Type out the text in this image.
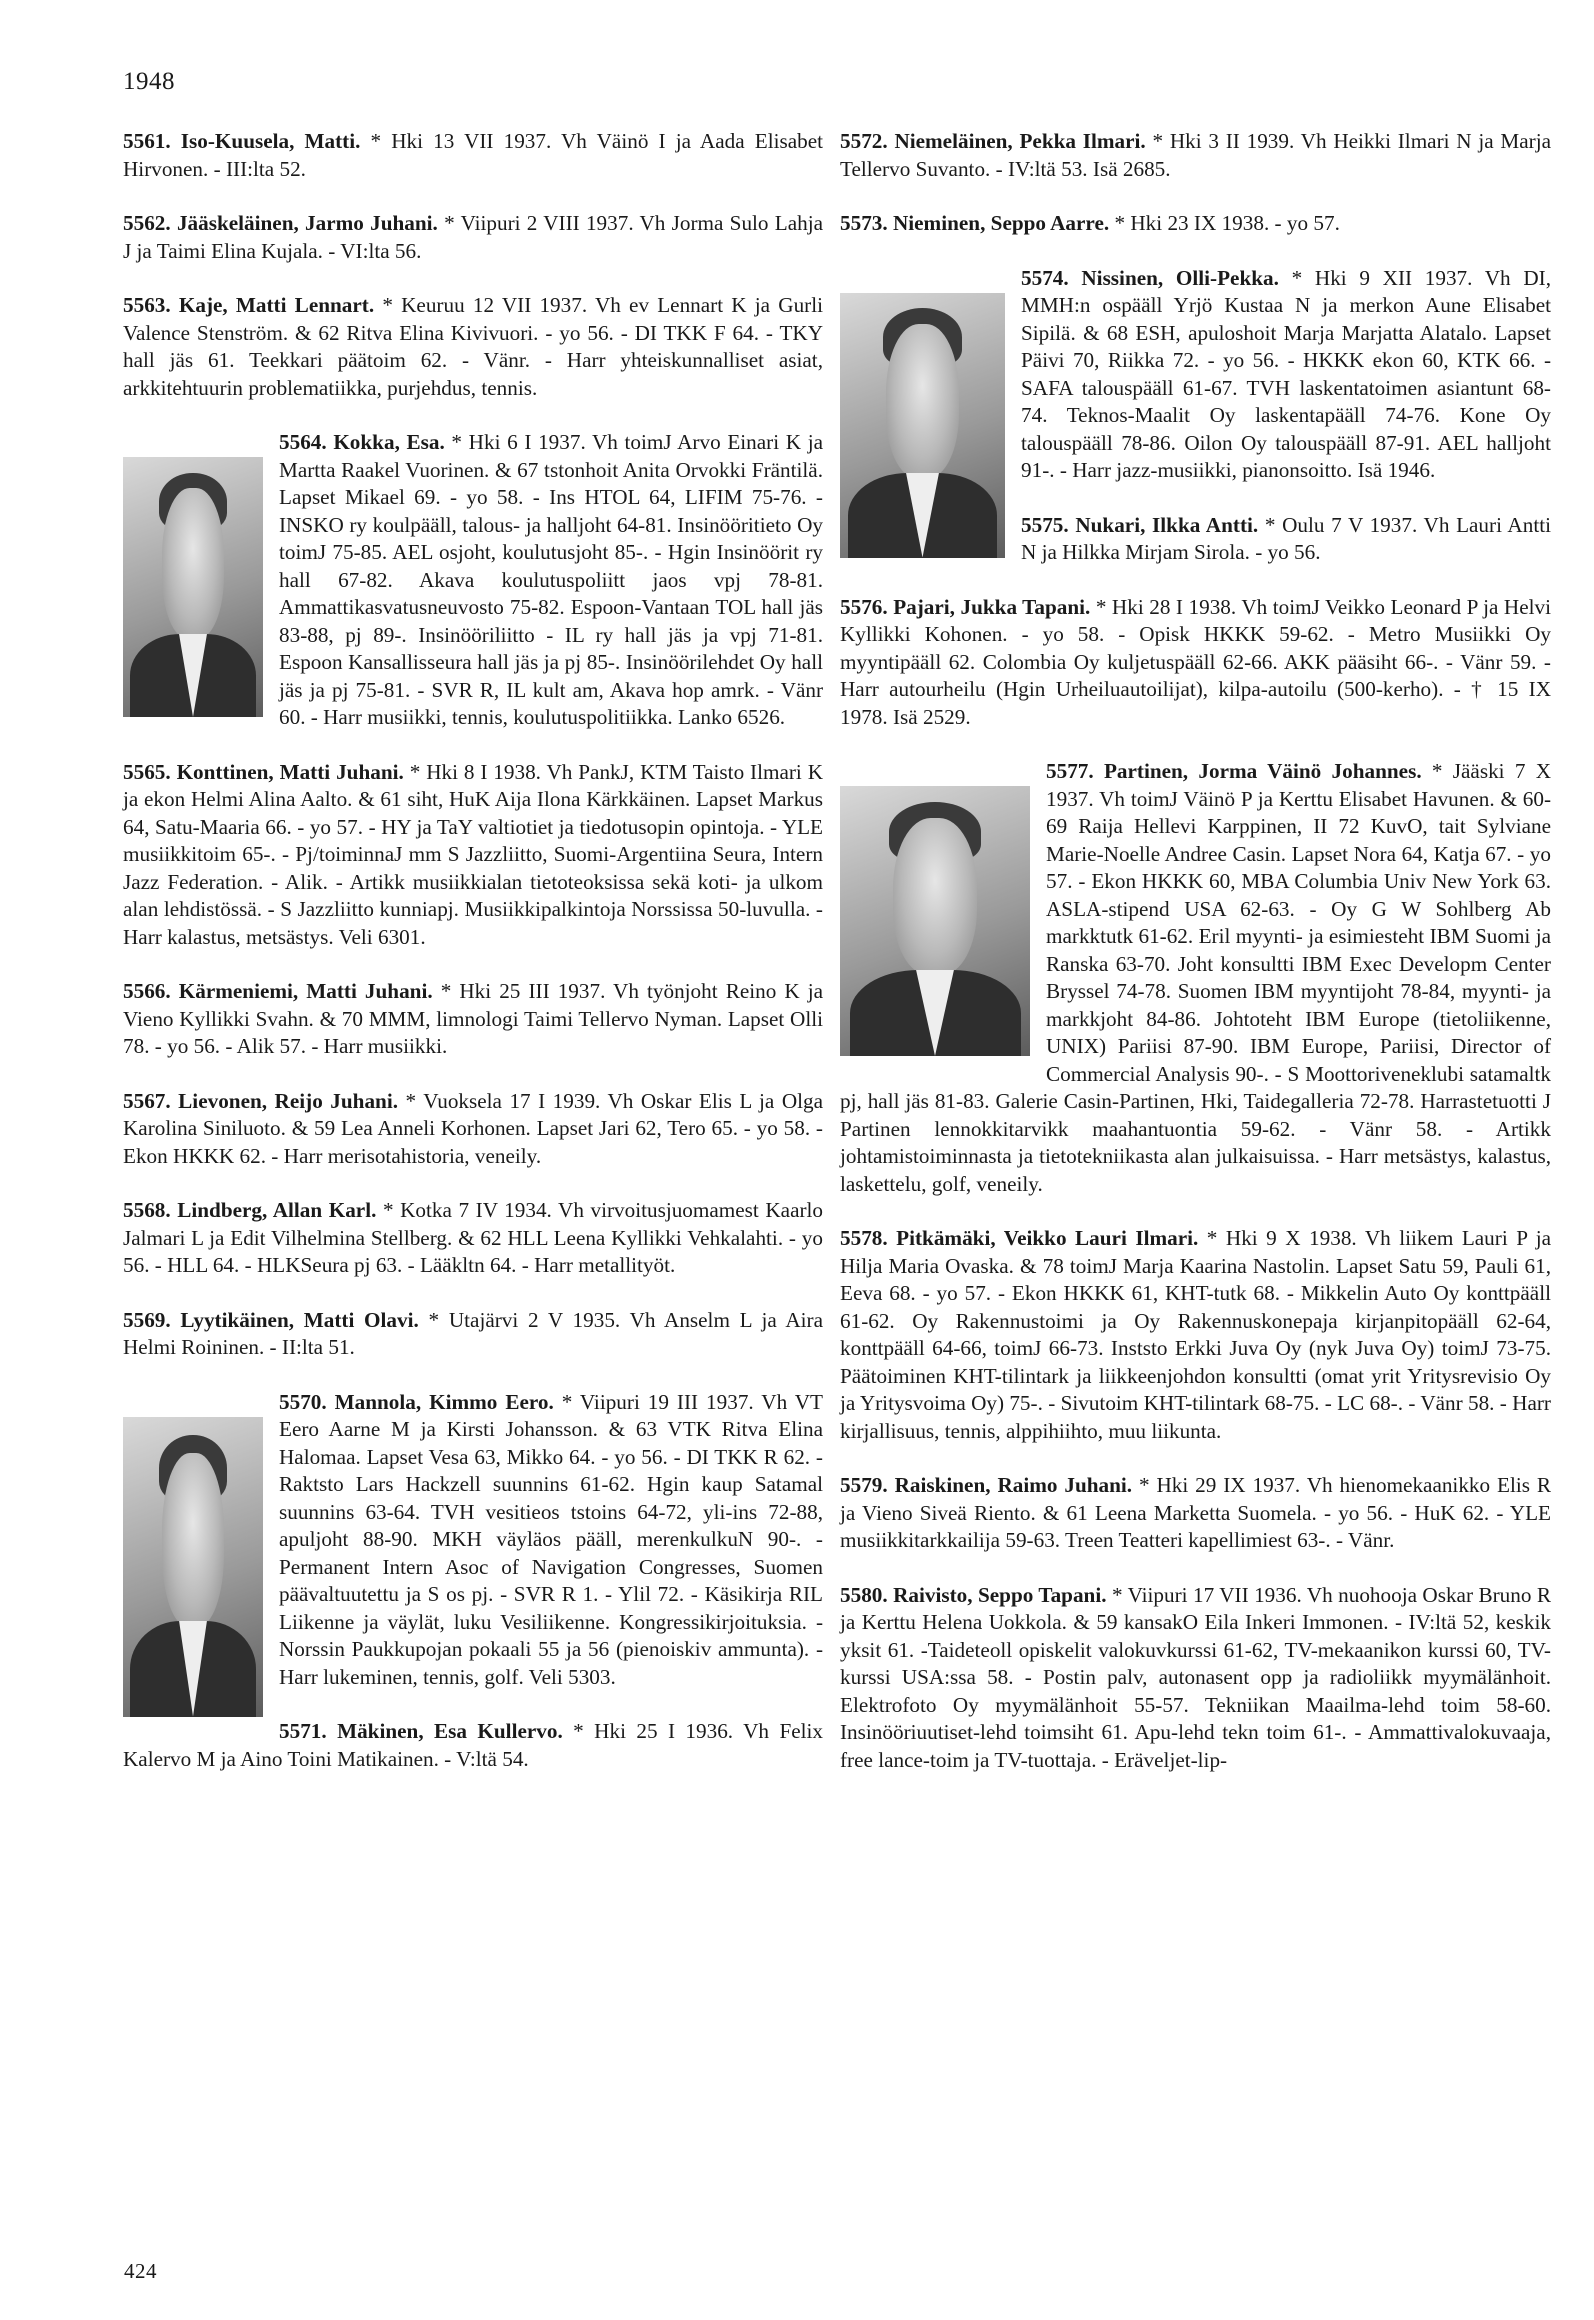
1948

5561. Iso-Kuusela, Matti. * Hki 13 VII 1937. Vh Väinö I ja Aada Elisabet Hirvonen. - III:lta 52.

5562. Jääskeläinen, Jarmo Juhani. * Viipuri 2 VIII 1937. Vh Jorma Sulo Lahja J ja Taimi Elina Kujala. - VI:lta 56.

5563. Kaje, Matti Lennart. * Keuruu 12 VII 1937. Vh ev Lennart K ja Gurli Valence Stenström. & 62 Ritva Elina Kivivuori. - yo 56. - DI TKK F 64. - TKY hall jäs 61. Teekkari päätoim 62. - Vänr. - Harr yhteiskunnalliset asiat, arkkitehtuurin problematiikka, purjehdus, tennis.

5564. Kokka, Esa. * Hki 6 I 1937. Vh toimJ Arvo Einari K ja Martta Raakel Vuorinen. & 67 tstonhoit Anita Orvokki Fräntilä. Lapset Mikael 69. - yo 58. - Ins HTOL 64, LIFIM 75-76. - INSKO ry koulpääll, talous- ja halljoht 64-81. Insinööritieto Oy toimJ 75-85. AEL osjoht, koulutusjoht 85-. - Hgin Insinöörit ry hall 67-82. Akava koulutuspoliitt jaos vpj 78-81. Ammattikasvatusneuvosto 75-82. Espoon-Vantaan TOL hall jäs 83-88, pj 89-. Insinööriliitto - IL ry hall jäs ja vpj 71-81. Espoon Kansallisseura hall jäs ja pj 85-. Insinöörilehdet Oy hall jäs ja pj 75-81. - SVR R, IL kult am, Akava hop amrk. - Vänr 60. - Harr musiikki, tennis, koulutuspolitiikka. Lanko 6526.

5565. Konttinen, Matti Juhani. * Hki 8 I 1938. Vh PankJ, KTM Taisto Ilmari K ja ekon Helmi Alina Aalto. & 61 siht, HuK Aija Ilona Kärkkäinen. Lapset Markus 64, Satu-Maaria 66. - yo 57. - HY ja TaY valtiotiet ja tiedotusopin opintoja. - YLE musiikkitoim 65-. - Pj/toiminnaJ mm S Jazzliitto, Suomi-Argentiina Seura, Intern Jazz Federation. - Alik. - Artikk musiikkialan tietoteoksissa sekä koti- ja ulkom alan lehdistössä. - S Jazzliitto kunniapj. Musiikkipalkintoja Norssissa 50-luvulla. - Harr kalastus, metsästys. Veli 6301.

5566. Kärmeniemi, Matti Juhani. * Hki 25 III 1937. Vh työnjoht Reino K ja Vieno Kyllikki Svahn. & 70 MMM, limnologi Taimi Tellervo Nyman. Lapset Olli 78. - yo 56. - Alik 57. - Harr musiikki.

5567. Lievonen, Reijo Juhani. * Vuoksela 17 I 1939. Vh Oskar Elis L ja Olga Karolina Siniluoto. & 59 Lea Anneli Korhonen. Lapset Jari 62, Tero 65. - yo 58. - Ekon HKKK 62. - Harr merisotahistoria, veneily.

5568. Lindberg, Allan Karl. * Kotka 7 IV 1934. Vh virvoitusjuomamest Kaarlo Jalmari L ja Edit Vilhelmina Stellberg. & 62 HLL Leena Kyllikki Vehkalahti. - yo 56. - HLL 64. - HLKSeura pj 63. - Lääkltn 64. - Harr metallityöt.

5569. Lyytikäinen, Matti Olavi. * Utajärvi 2 V 1935. Vh Anselm L ja Aira Helmi Roininen. - II:lta 51.

5570. Mannola, Kimmo Eero. * Viipuri 19 III 1937. Vh VT Eero Aarne M ja Kirsti Johansson. & 63 VTK Ritva Elina Halomaa. Lapset Vesa 63, Mikko 64. - yo 56. - DI TKK R 62. - Raktsto Lars Hackzell suunnins 61-62. Hgin kaup Satamal suunnins 63-64. TVH vesitieos tstoins 64-72, yli-ins 72-88, apuljoht 88-90. MKH väyläos pääll, merenkulkuN 90-. - Permanent Intern Asoc of Navigation Congresses, Suomen päävaltuutettu ja S os pj. - SVR R 1. - Ylil 72. - Käsikirja RIL Liikenne ja väylät, luku Vesiliikenne. Kongressikirjoituksia. - Norssin Paukkupojan pokaali 55 ja 56 (pienoiskiv ammunta). - Harr lukeminen, tennis, golf. Veli 5303.

5571. Mäkinen, Esa Kullervo. * Hki 25 I 1936. Vh Felix Kalervo M ja Aino Toini Matikainen. - V:ltä 54.

5572. Niemeläinen, Pekka Ilmari. * Hki 3 II 1939. Vh Heikki Ilmari N ja Marja Tellervo Suvanto. - IV:ltä 53. Isä 2685.

5573. Nieminen, Seppo Aarre. * Hki 23 IX 1938. - yo 57.

5574. Nissinen, Olli-Pekka. * Hki 9 XII 1937. Vh DI, MMH:n ospääll Yrjö Kustaa N ja merkon Aune Elisabet Sipilä. & 68 ESH, apuloshoit Marja Marjatta Alatalo. Lapset Päivi 70, Riikka 72. - yo 56. - HKKK ekon 60, KTK 66. - SAFA talouspääll 61-67. TVH laskentatoimen asiantunt 68-74. Teknos-Maalit Oy laskentapääll 74-76. Kone Oy talouspääll 78-86. Oilon Oy talouspääll 87-91. AEL halljoht 91-. - Harr jazz-musiikki, pianonsoitto. Isä 1946.

5575. Nukari, Ilkka Antti. * Oulu 7 V 1937. Vh Lauri Antti N ja Hilkka Mirjam Sirola. - yo 56.

5576. Pajari, Jukka Tapani. * Hki 28 I 1938. Vh toimJ Veikko Leonard P ja Helvi Kyllikki Kohonen. - yo 58. - Opisk HKKK 59-62. - Metro Musiikki Oy myyntipääll 62. Colombia Oy kuljetuspääll 62-66. AKK pääsiht 66-. - Vänr 59. - Harr autourheilu (Hgin Urheiluautoilijat), kilpa-autoilu (500-kerho). - † 15 IX 1978. Isä 2529.

5577. Partinen, Jorma Väinö Johannes. * Jääski 7 X 1937. Vh toimJ Väinö P ja Kerttu Elisabet Havunen. & 60-69 Raija Hellevi Karppinen, II 72 KuvO, tait Sylviane Marie-Noelle Andree Casin. Lapset Nora 64, Katja 67. - yo 57. - Ekon HKKK 60, MBA Columbia Univ New York 63. ASLA-stipend USA 62-63. - Oy G W Sohlberg Ab markktutk 61-62. Eril myynti- ja esimiesteht IBM Suomi ja Ranska 63-70. Joht konsultti IBM Exec Developm Center Bryssel 74-78. Suomen IBM myyntijoht 78-84, myynti- ja markkjoht 84-86. Johtoteht IBM Europe (tietoliikenne, UNIX) Pariisi 87-90. IBM Europe, Pariisi, Director of Commercial Analysis 90-. - S Moottoriveneklubi satamaltk pj, hall jäs 81-83. Galerie Casin-Partinen, Hki, Taidegalleria 72-78. Harrastetuotti J Partinen lennokkitarvikk maahantuontia 59-62. - Vänr 58. - Artikk johtamistoiminnasta ja tietotekniikasta alan julkaisuissa. - Harr metsästys, kalastus, laskettelu, golf, veneily.

5578. Pitkämäki, Veikko Lauri Ilmari. * Hki 9 X 1938. Vh liikem Lauri P ja Hilja Maria Ovaska. & 78 toimJ Marja Kaarina Nastolin. Lapset Satu 59, Pauli 61, Eeva 68. - yo 57. - Ekon HKKK 61, KHT-tutk 68. - Mikkelin Auto Oy konttpääll 61-62. Oy Rakennustoimi ja Oy Rakennuskonepaja kirjanpitopääll 62-64, konttpääll 64-66, toimJ 66-73. Inststo Erkki Juva Oy (nyk Juva Oy) toimJ 73-75. Päätoiminen KHT-tilintark ja liikkeenjohdon konsultti (omat yrit Yritysrevisio Oy ja Yritysvoima Oy) 75-. - Sivutoim KHT-tilintark 68-75. - LC 68-. - Vänr 58. - Harr kirjallisuus, tennis, alppihiihto, muu liikunta.

5579. Raiskinen, Raimo Juhani. * Hki 29 IX 1937. Vh hienomekaanikko Elis R ja Vieno Siveä Riento. & 61 Leena Marketta Suomela. - yo 56. - HuK 62. - YLE musiikkitarkkailija 59-63. Treen Teatteri kapellimiest 63-. - Vänr.

5580. Raivisto, Seppo Tapani. * Viipuri 17 VII 1936. Vh nuohooja Oskar Bruno R ja Kerttu Helena Uokkola. & 59 kansakO Eila Inkeri Immonen. - IV:ltä 52, keskik yksit 61. -Taideteoll opiskelit valokuvkurssi 61-62, TV-mekaanikon kurssi 60, TV-kurssi USA:ssa 58. - Postin palv, autonasent opp ja radioliikk myymälänhoit. Elektrofoto Oy myymälänhoit 55-57. Tekniikan Maailma-lehd toim 58-60. Insinööriuutiset-lehd toimsiht 61. Apu-lehd tekn toim 61-. - Ammattivalokuvaaja, free lance-toim ja TV-tuottaja. - Eräveljet-lip-

424
